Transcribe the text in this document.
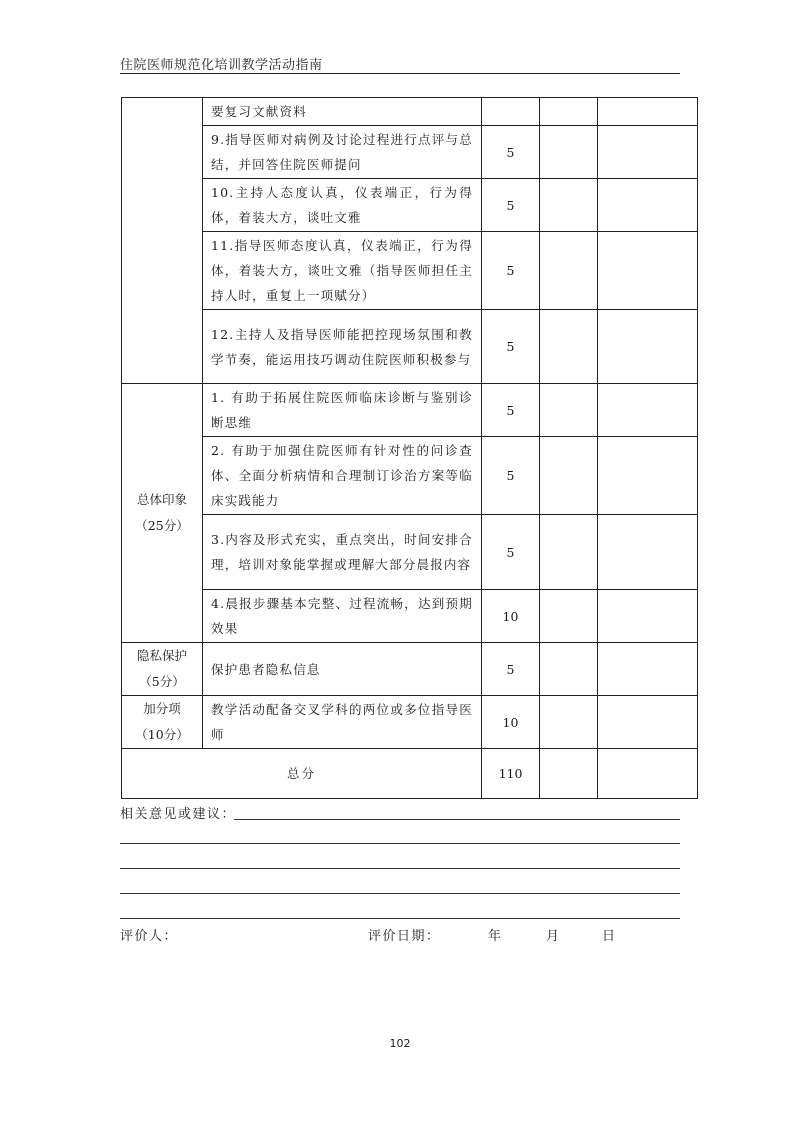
住院医师规范化培训教学活动指南

	要复习文献资料			

	9.指导医师对病例及讨论过程进行点评与总结，并回答住院医师提问	5		
	10.主持人态度认真，仪表端正，行为得体，着装大方，谈吐文雅	5		
	11.指导医师态度认真，仪表端正，行为得体，着装大方，谈吐文雅（指导医师担任主持人时，重复上一项赋分）	5		
	12.主持人及指导医师能把控现场氛围和教学节奏，能运用技巧调动住院医师积极参与	5		

总体印象
（25分）	1. 有助于拓展住院医师临床诊断与鉴别诊断思维	5		
	2. 有助于加强住院医师有针对性的问诊查体、全面分析病情和合理制订诊治方案等临床实践能力	5		
	3.内容及形式充实，重点突出，时间安排合理，培训对象能掌握或理解大部分晨报内容	5		
	4.晨报步骤基本完整、过程流畅，达到预期效果	10		

隐私保护
（5分）	保护患者隐私信息	5		

加分项
（10分）	教学活动配备交叉学科的两位或多位指导医师	10		
总分		110		
相关意见或建议：
评价人：	评价日期：	年	月	日
102
